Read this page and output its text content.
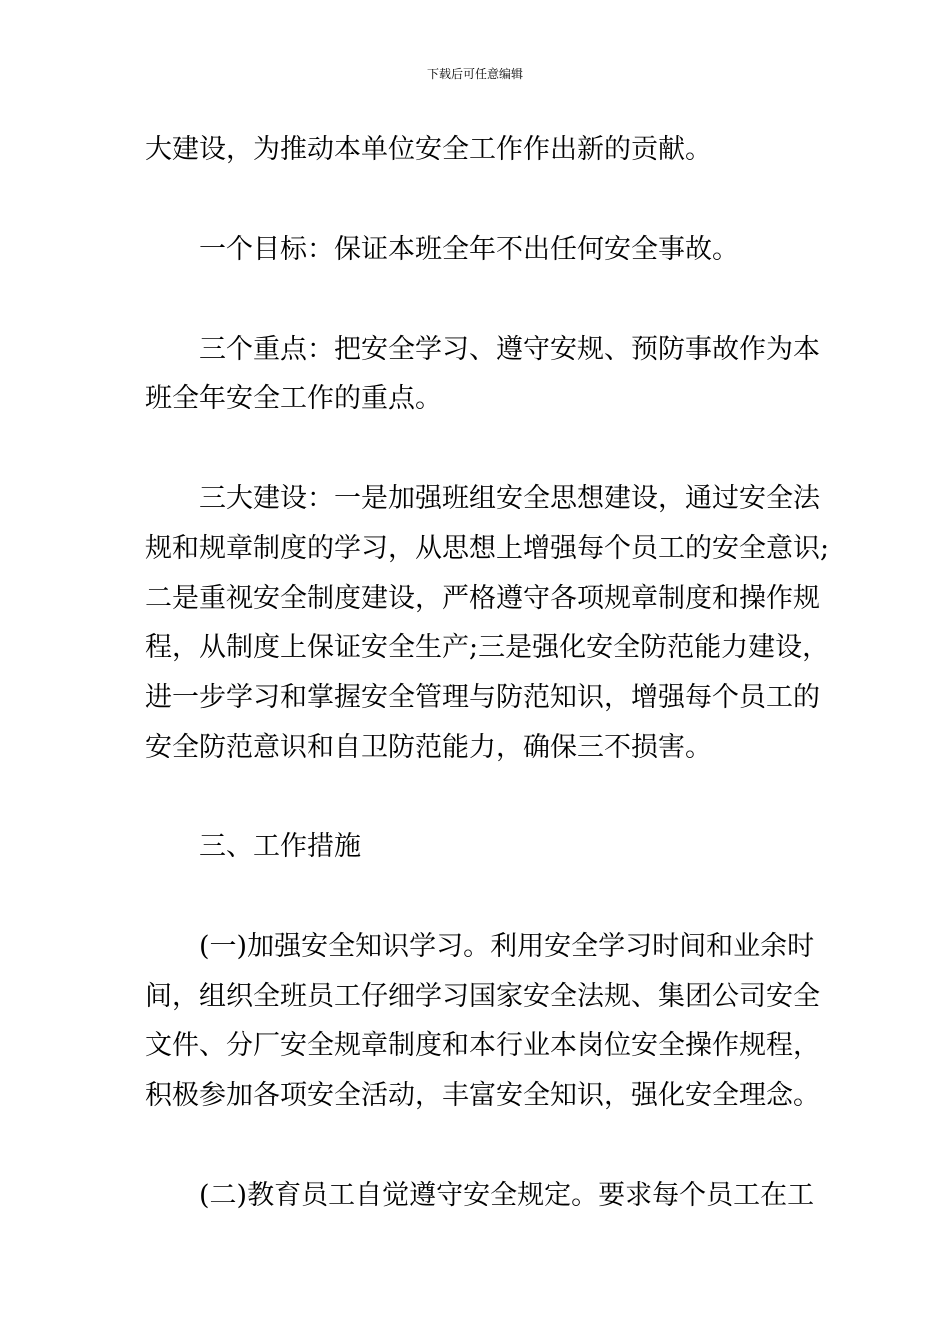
下载后可任意编辑
大建设，为推动本单位安全工作作出新的贡献。
一个目标：保证本班全年不出任何安全事故。
三个重点：把安全学习、遵守安规、预防事故作为本
班全年安全工作的重点。
三大建设：一是加强班组安全思想建设，通过安全法
规和规章制度的学习，从思想上增强每个员工的安全意识;
二是重视安全制度建设，严格遵守各项规章制度和操作规
程，从制度上保证安全生产;三是强化安全防范能力建设，
进一步学习和掌握安全管理与防范知识，增强每个员工的
安全防范意识和自卫防范能力，确保三不损害。
三、工作措施
(一)加强安全知识学习。利用安全学习时间和业余时
间，组织全班员工仔细学习国家安全法规、集团公司安全
文件、分厂安全规章制度和本行业本岗位安全操作规程，
积极参加各项安全活动，丰富安全知识，强化安全理念。
(二)教育员工自觉遵守安全规定。要求每个员工在工
